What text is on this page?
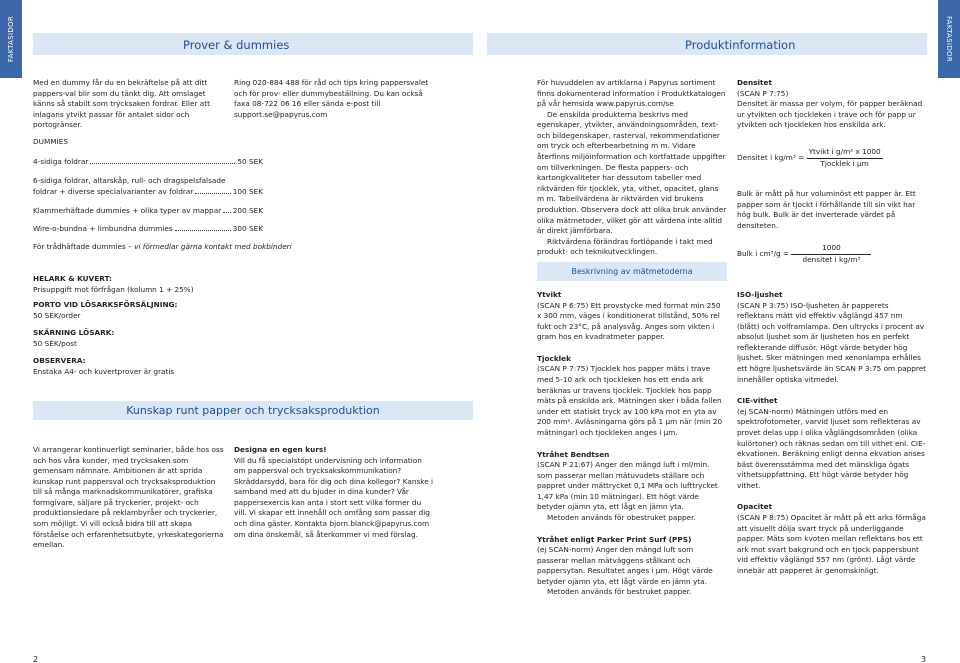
FAKTASIDOR	FAKTASIDOR
Prover & dummies	Produktinformation

Med en dummy får du en bekräftelse på att ditt pappers-val blir som du tänkt dig. Att omslaget känns så stabilt som trycksaken fordrar. Eller att inlagans ytvikt passar för antalet sidor och portogränser.

Ring 020-884 488 för råd och tips kring pappersvalet och för prov- eller dummybeställning. Du kan också faxa 08-722 06 16 eller sända e-post till support.se@papyrus.com

DUMMIES

4-sidiga foldrar	50 SEK

6-sidiga foldrar, altarskåp, rull- och dragspelsfalsade

foldrar + diverse specialvarianter av foldrar	100 SEK
Klammerhäftade dummies + olika typer av mappar 200 SEK
Wire-o-bundna + limbundna dummies	300 SEK

För trådhäftade dummies – vi förmedlar gärna kontakt med bokbinderi

HELARK & KUVERT:

Prisuppgift mot förfrågan (kolumn 1 + 25%)

PORTO VID LÖSARKSFÖRSÄLJNING:

50 SEK/order

SKÄRNING LÖSARK:

50 SEK/post

OBSERVERA:

Enstaka A4- och kuvertprover är gratis

Kunskap runt papper och trycksaksproduktion

Vi arrangerar kontinuerligt seminarier, både hos oss och hos våra kunder, med trycksaken som gemensam nämnare. Ambitionen är att sprida kunskap runt pappersval och trycksaksproduktion till så många marknadskommunikatörer, grafiska formgivare, säljare på tryckerier, projekt- och produktionsledare på reklambyråer och tryckerier, som möjligt. Vi vill också bidra till att skapa förståelse och erfarenhetsutbyte, yrkeskategorierna emellan.

Designa en egen kurs!

Vill du få specialstöpt undervisning och information om pappersval och trycksakskommunikation? Skräddarsydd, bara för dig och dina kollegor? Kanske i samband med att du bjuder in dina kunder? Vår pappersexercis kan anta i stort sett vilka former du vill. Vi skapar ett innehåll och omfång som passar dig och dina gäster. Kontakta bjorn.blanck@papyrus.com om dina önskemål, så återkommer vi med förslag.

2

För huvuddelen av artiklarna i Papyrus sortiment finns dokumenterad information i Produktkatalogen på vår hemsida www.papyrus.com/se

De enskilda produkterna beskrivs med egenskaper, ytvikter, användningsområden, text- och bildegenskaper, rasterval, rekommendationer om tryck och efterbearbetning m m. Vidare återfinns miljöinformation och kortfattade uppgifter om tillverkningen. De flesta pappers- och kartongkvaliteter har dessutom tabeller med riktvärden för tjocklek, yta, vithet, opacitet, glans m m. Tabellvärdena är riktvärden vid brukens produktion. Observera dock att olika bruk använder olika mätmetoder, vilket gör att värdena inte alltid är direkt jämförbara.

Riktvärdena förändras fortlöpande i takt med produkt- och teknikutvecklingen.

Densitet

(SCAN P 7:75)

Densitet är massa per volym, för papper beräknad ur ytvikten och tjockleken i trave och för papp ur ytvikten och tjockleken hos enskilda ark.

Densitet i $kg/m^3 = \frac{\text{Ytvikt i g/m² x 1000}}{\text{Tjocklek i µm}}$

Bulk är mått på hur voluminöst ett papper är. Ett papper som är tjockt i förhållande till sin vikt har hög bulk. Bulk är det inverterade värdet på densiteten.

Bulk i $cm^3/g = \frac{1000}{\text{densitet i kg/m³}}$
Beskrivning av mätmetoderna

Ytvikt

(SCAN P 6:75) Ett provstycke med format min 250 x 300 mm, väges i konditionerat tillstånd, 50% rel fukt och 23°C, på analysvåg. Anges som vikten i gram hos en kvadratmeter papper.

Tjocklek

(SCAN P 7:75) Tjocklek hos papper mäts i trave med 5-10 ark och tjockleken hos ett enda ark beräknas ur travens tjocklek. Tjocklek hos papp mäts på enskilda ark. Mätningen sker i båda fallen under ett statiskt tryck av 100 kPa mot en yta av 200 mm². Avläsningarna görs på 1 µm när (min 20 mätningar) och tjockleken anges i µm.

Ytråhet Bendtsen

(SCAN P 21:67) Anger den mängd luft i ml/min. som passerar mellan mätuvudets ställare och pappret under mättrycket 0,1 MPa och lufttrycket 1,47 kPa (min 10 mätningar). Ett högt värde betyder ojämn yta, ett lågt en jämn yta.

Metoden används för obestruket papper.

Ytråhet enligt Parker Print Surf (PPS)

(ej SCAN-norm) Anger den mängd luft som passerar mellan mätväggens stålkant och pappersytan. Resultatet anges i µm. Högt värde betyder ojämn yta, ett lågt värde en jämn yta.

Metoden används för bestruket papper.

ISO-ljushet

(SCAN P 3:75) ISO-ljusheten är papperets reflektans mätt vid effektiv våglängd 457 nm (blått) och volframlampa. Den ultrycks i procent av absolut ljushet som är ljusheten hos en perfekt reflekterande diffusör. Högt värde betyder hög ljushet. Sker mätningen med xenonlampa erhålles ett högre ljushetsvärde än SCAN P 3:75 om pappret innehåller optiska vitmedel.

CIE-vithet

(ej SCAN-norm) Mätningen utförs med en spektrofotometer, varvid ljuset som reflekteras av provet delas upp i olika våglängdsområden (olika kulörtoner) och räknas sedan om till vithet enl. CIE-ekvationen. Beräkning enligt denna ekvation anses bäst överensstämma med det mänskliga ögats vithetsuppfattning. Ett högt värde betyder hög vithet.

Opacitet

(SCAN P 8:75) Opacitet är mått på ett arks förmåga att visuellt dölja svart tryck på underliggande papper. Mäts som kvoten mellan reflektans hos ett ark mot svart bakgrund och en tjock pappersbunt vid effektiv våglängd 557 nm (grönt). Lågt värde innebär att papperet är genomskinligt.

3
